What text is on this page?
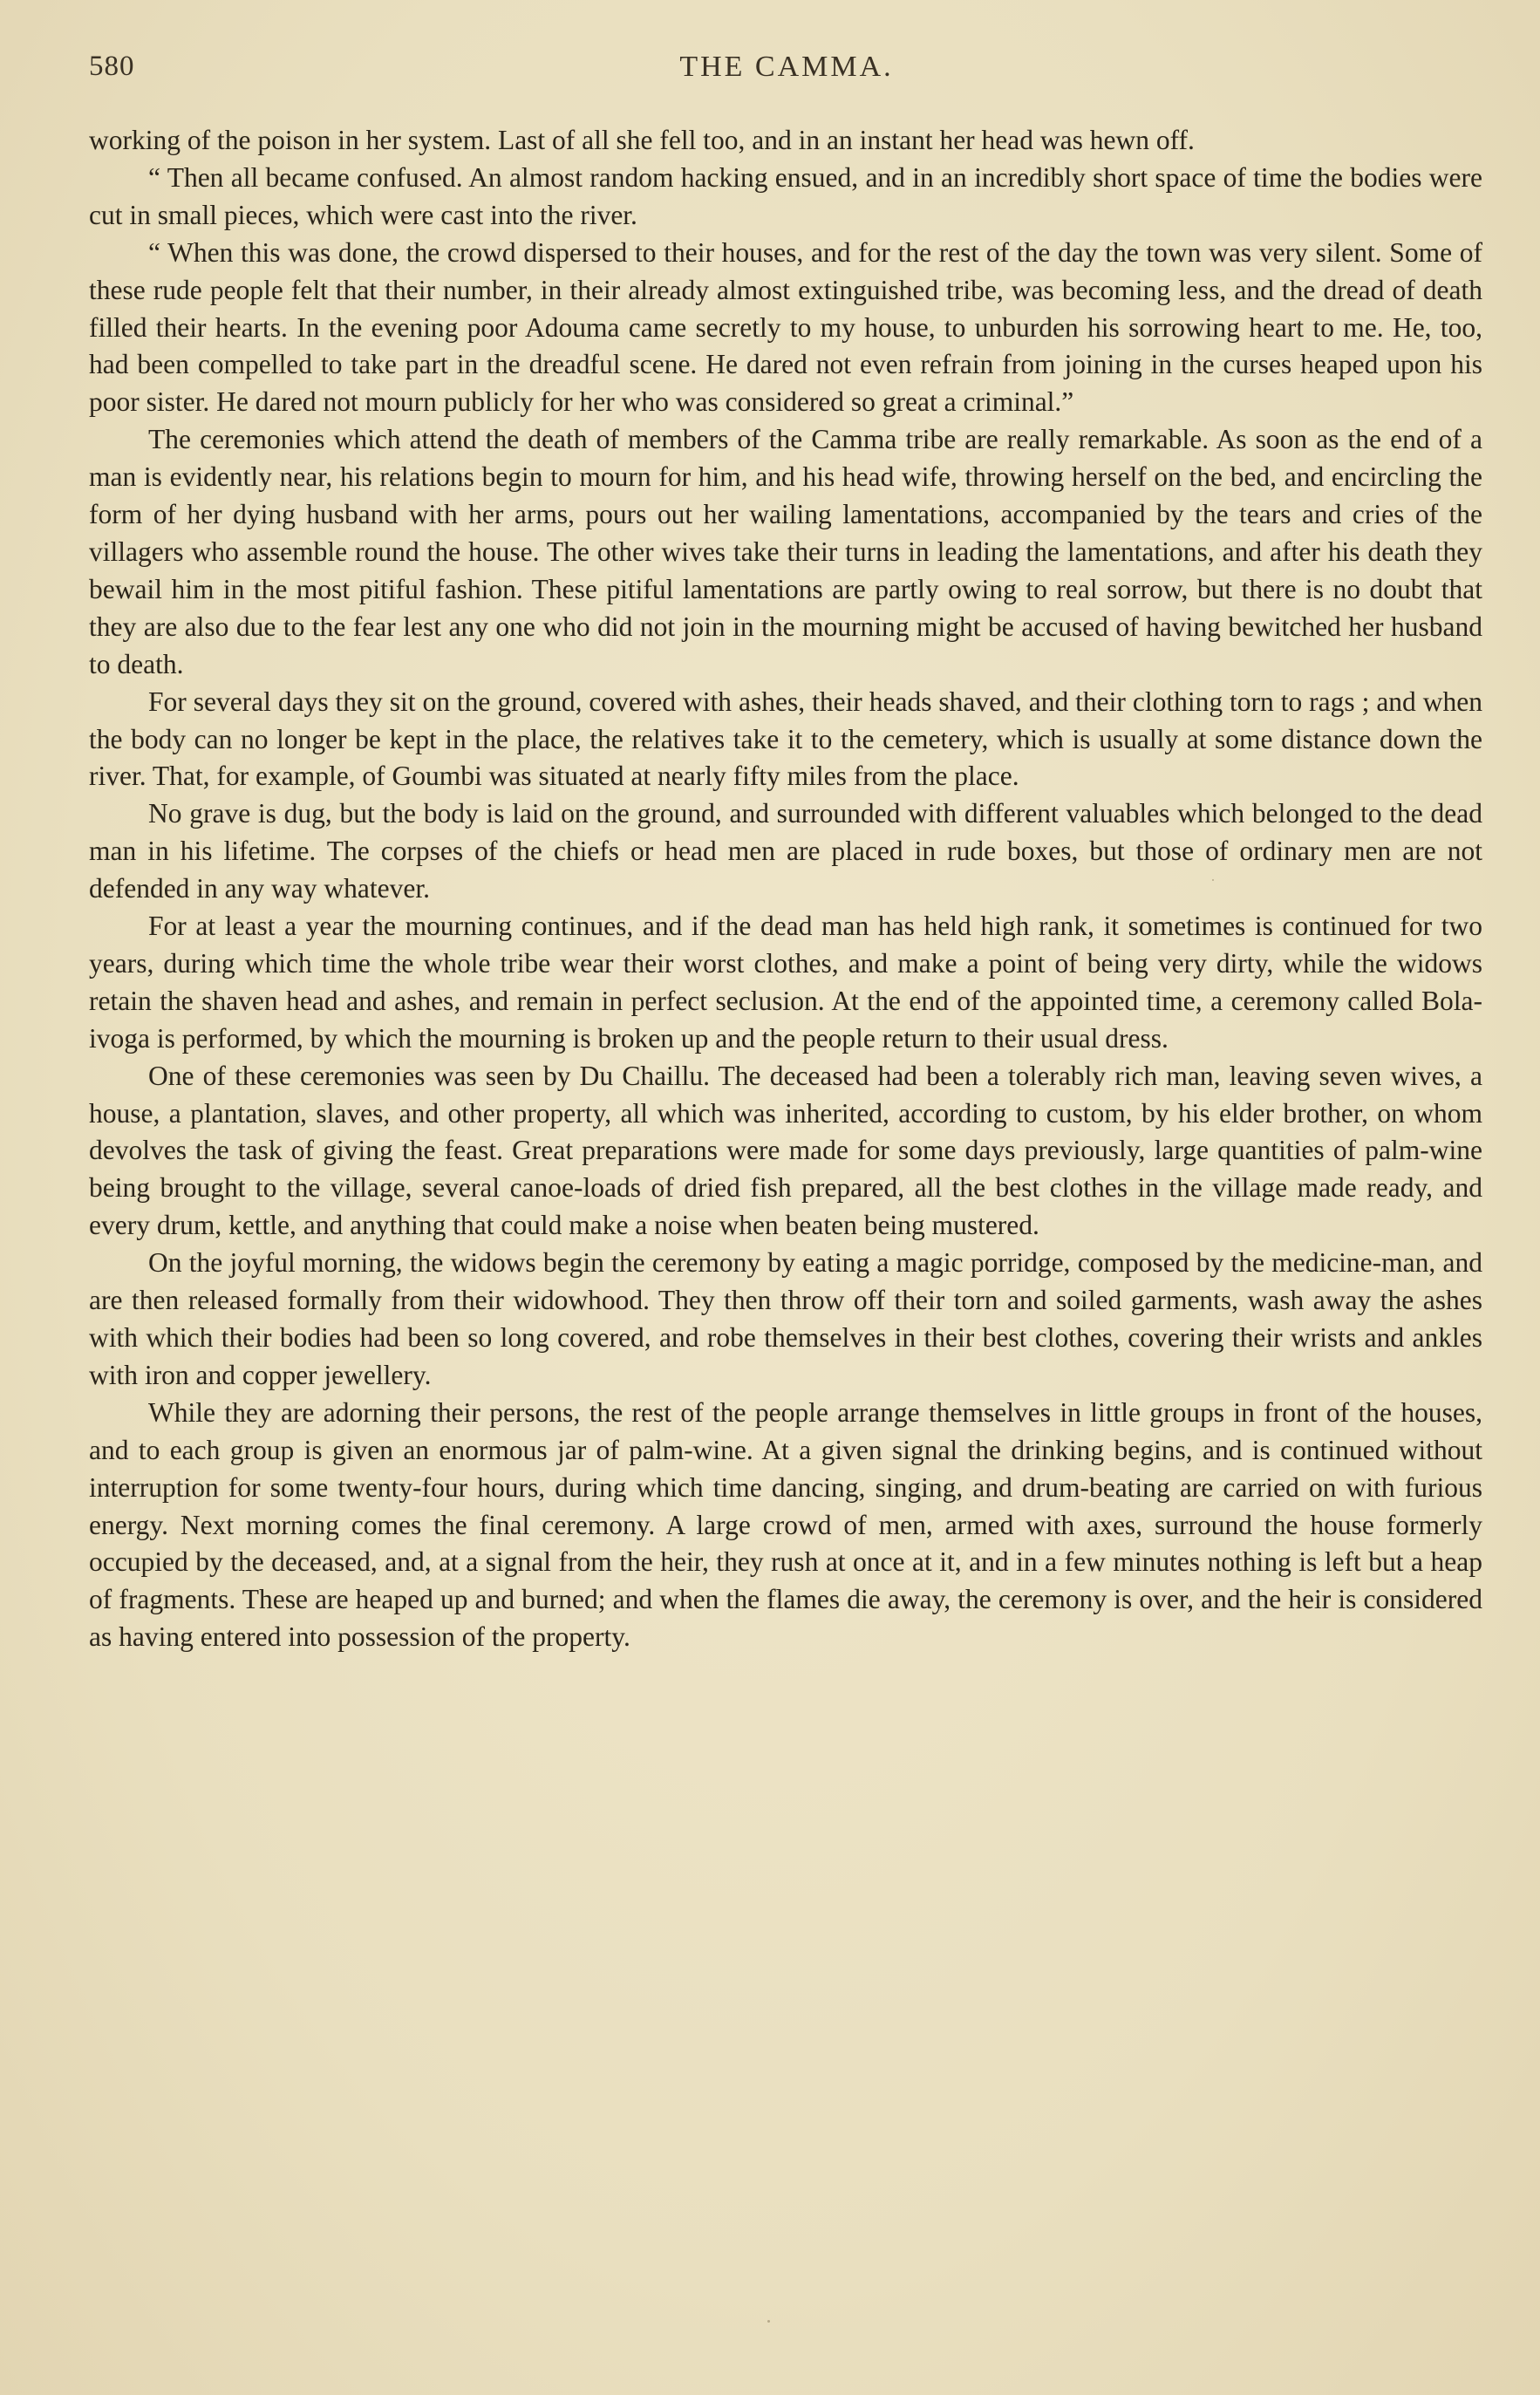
580	THE CAMMA.

working of the poison in her system. Last of all she fell too, and in an instant her head was hewn off.

“ Then all became confused. An almost random hacking ensued, and in an incredibly short space of time the bodies were cut in small pieces, which were cast into the river.

“ When this was done, the crowd dispersed to their houses, and for the rest of the day the town was very silent. Some of these rude people felt that their number, in their already almost extinguished tribe, was becoming less, and the dread of death filled their hearts. In the evening poor Adouma came secretly to my house, to unburden his sorrowing heart to me. He, too, had been compelled to take part in the dreadful scene. He dared not even refrain from joining in the curses heaped upon his poor sister. He dared not mourn publicly for her who was considered so great a criminal.”

The ceremonies which attend the death of members of the Camma tribe are really remarkable. As soon as the end of a man is evidently near, his relations begin to mourn for him, and his head wife, throwing herself on the bed, and encircling the form of her dying husband with her arms, pours out her wailing lamentations, accompanied by the tears and cries of the villagers who assemble round the house. The other wives take their turns in leading the lamentations, and after his death they bewail him in the most pitiful fashion. These pitiful lamentations are partly owing to real sorrow, but there is no doubt that they are also due to the fear lest any one who did not join in the mourning might be accused of having bewitched her husband to death.

For several days they sit on the ground, covered with ashes, their heads shaved, and their clothing torn to rags ; and when the body can no longer be kept in the place, the relatives take it to the cemetery, which is usually at some distance down the river. That, for example, of Goumbi was situated at nearly fifty miles from the place.

No grave is dug, but the body is laid on the ground, and surrounded with different valuables which belonged to the dead man in his lifetime. The corpses of the chiefs or head men are placed in rude boxes, but those of ordinary men are not defended in any way whatever.

For at least a year the mourning continues, and if the dead man has held high rank, it sometimes is continued for two years, during which time the whole tribe wear their worst clothes, and make a point of being very dirty, while the widows retain the shaven head and ashes, and remain in perfect seclusion. At the end of the appointed time, a ceremony called Bola-ivoga is performed, by which the mourning is broken up and the people return to their usual dress.

One of these ceremonies was seen by Du Chaillu. The deceased had been a tolerably rich man, leaving seven wives, a house, a plantation, slaves, and other property, all which was inherited, according to custom, by his elder brother, on whom devolves the task of giving the feast. Great preparations were made for some days previously, large quantities of palm-wine being brought to the village, several canoe-loads of dried fish prepared, all the best clothes in the village made ready, and every drum, kettle, and anything that could make a noise when beaten being mustered.

On the joyful morning, the widows begin the ceremony by eating a magic porridge, composed by the medicine-man, and are then released formally from their widowhood. They then throw off their torn and soiled garments, wash away the ashes with which their bodies had been so long covered, and robe themselves in their best clothes, covering their wrists and ankles with iron and copper jewellery.

While they are adorning their persons, the rest of the people arrange themselves in little groups in front of the houses, and to each group is given an enormous jar of palm-wine. At a given signal the drinking begins, and is continued without interruption for some twenty-four hours, during which time dancing, singing, and drum-beating are carried on with furious energy. Next morning comes the final ceremony. A large crowd of men, armed with axes, surround the house formerly occupied by the deceased, and, at a signal from the heir, they rush at once at it, and in a few minutes nothing is left but a heap of fragments. These are heaped up and burned; and when the flames die away, the ceremony is over, and the heir is considered as having entered into possession of the property.
